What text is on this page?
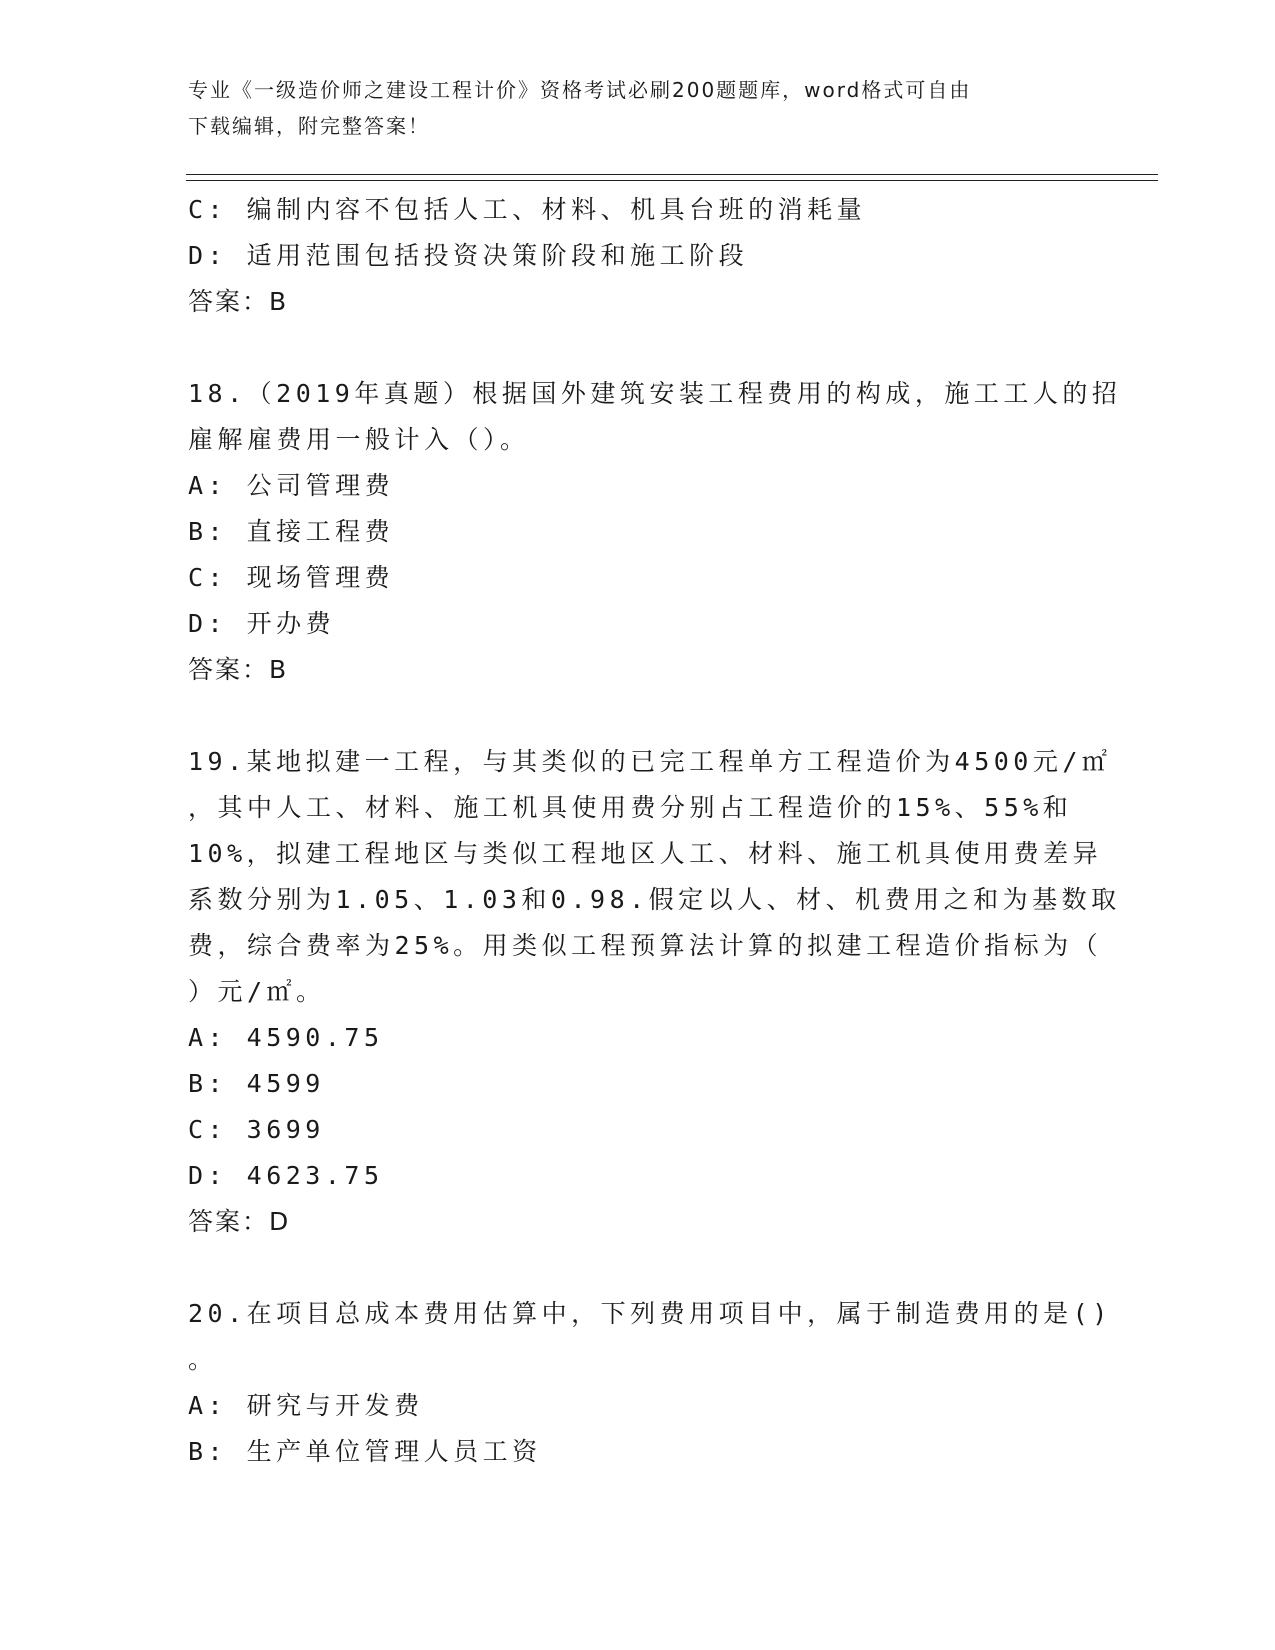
专业《一级造价师之建设工程计价》资格考试必刷200题题库，word格式可自由
下载编辑，附完整答案！
C: 编制内容不包括人工、材料、机具台班的消耗量
D: 适用范围包括投资决策阶段和施工阶段
答案：B
18.（2019年真题）根据国外建筑安装工程费用的构成，施工工人的招
雇解雇费用一般计入（）。
A: 公司管理费
B: 直接工程费
C: 现场管理费
D: 开办费
答案：B
19.某地拟建一工程，与其类似的已完工程单方工程造价为4500元/㎡
，其中人工、材料、施工机具使用费分别占工程造价的15%、55%和
10%，拟建工程地区与类似工程地区人工、材料、施工机具使用费差异
系数分别为1.05、1.03和0.98.假定以人、材、机费用之和为基数取
费，综合费率为25%。用类似工程预算法计算的拟建工程造价指标为（
）元/㎡。
A: 4590.75
B: 4599
C: 3699
D: 4623.75
答案：D
20.在项目总成本费用估算中，下列费用项目中，属于制造费用的是()
。
A: 研究与开发费
B: 生产单位管理人员工资
